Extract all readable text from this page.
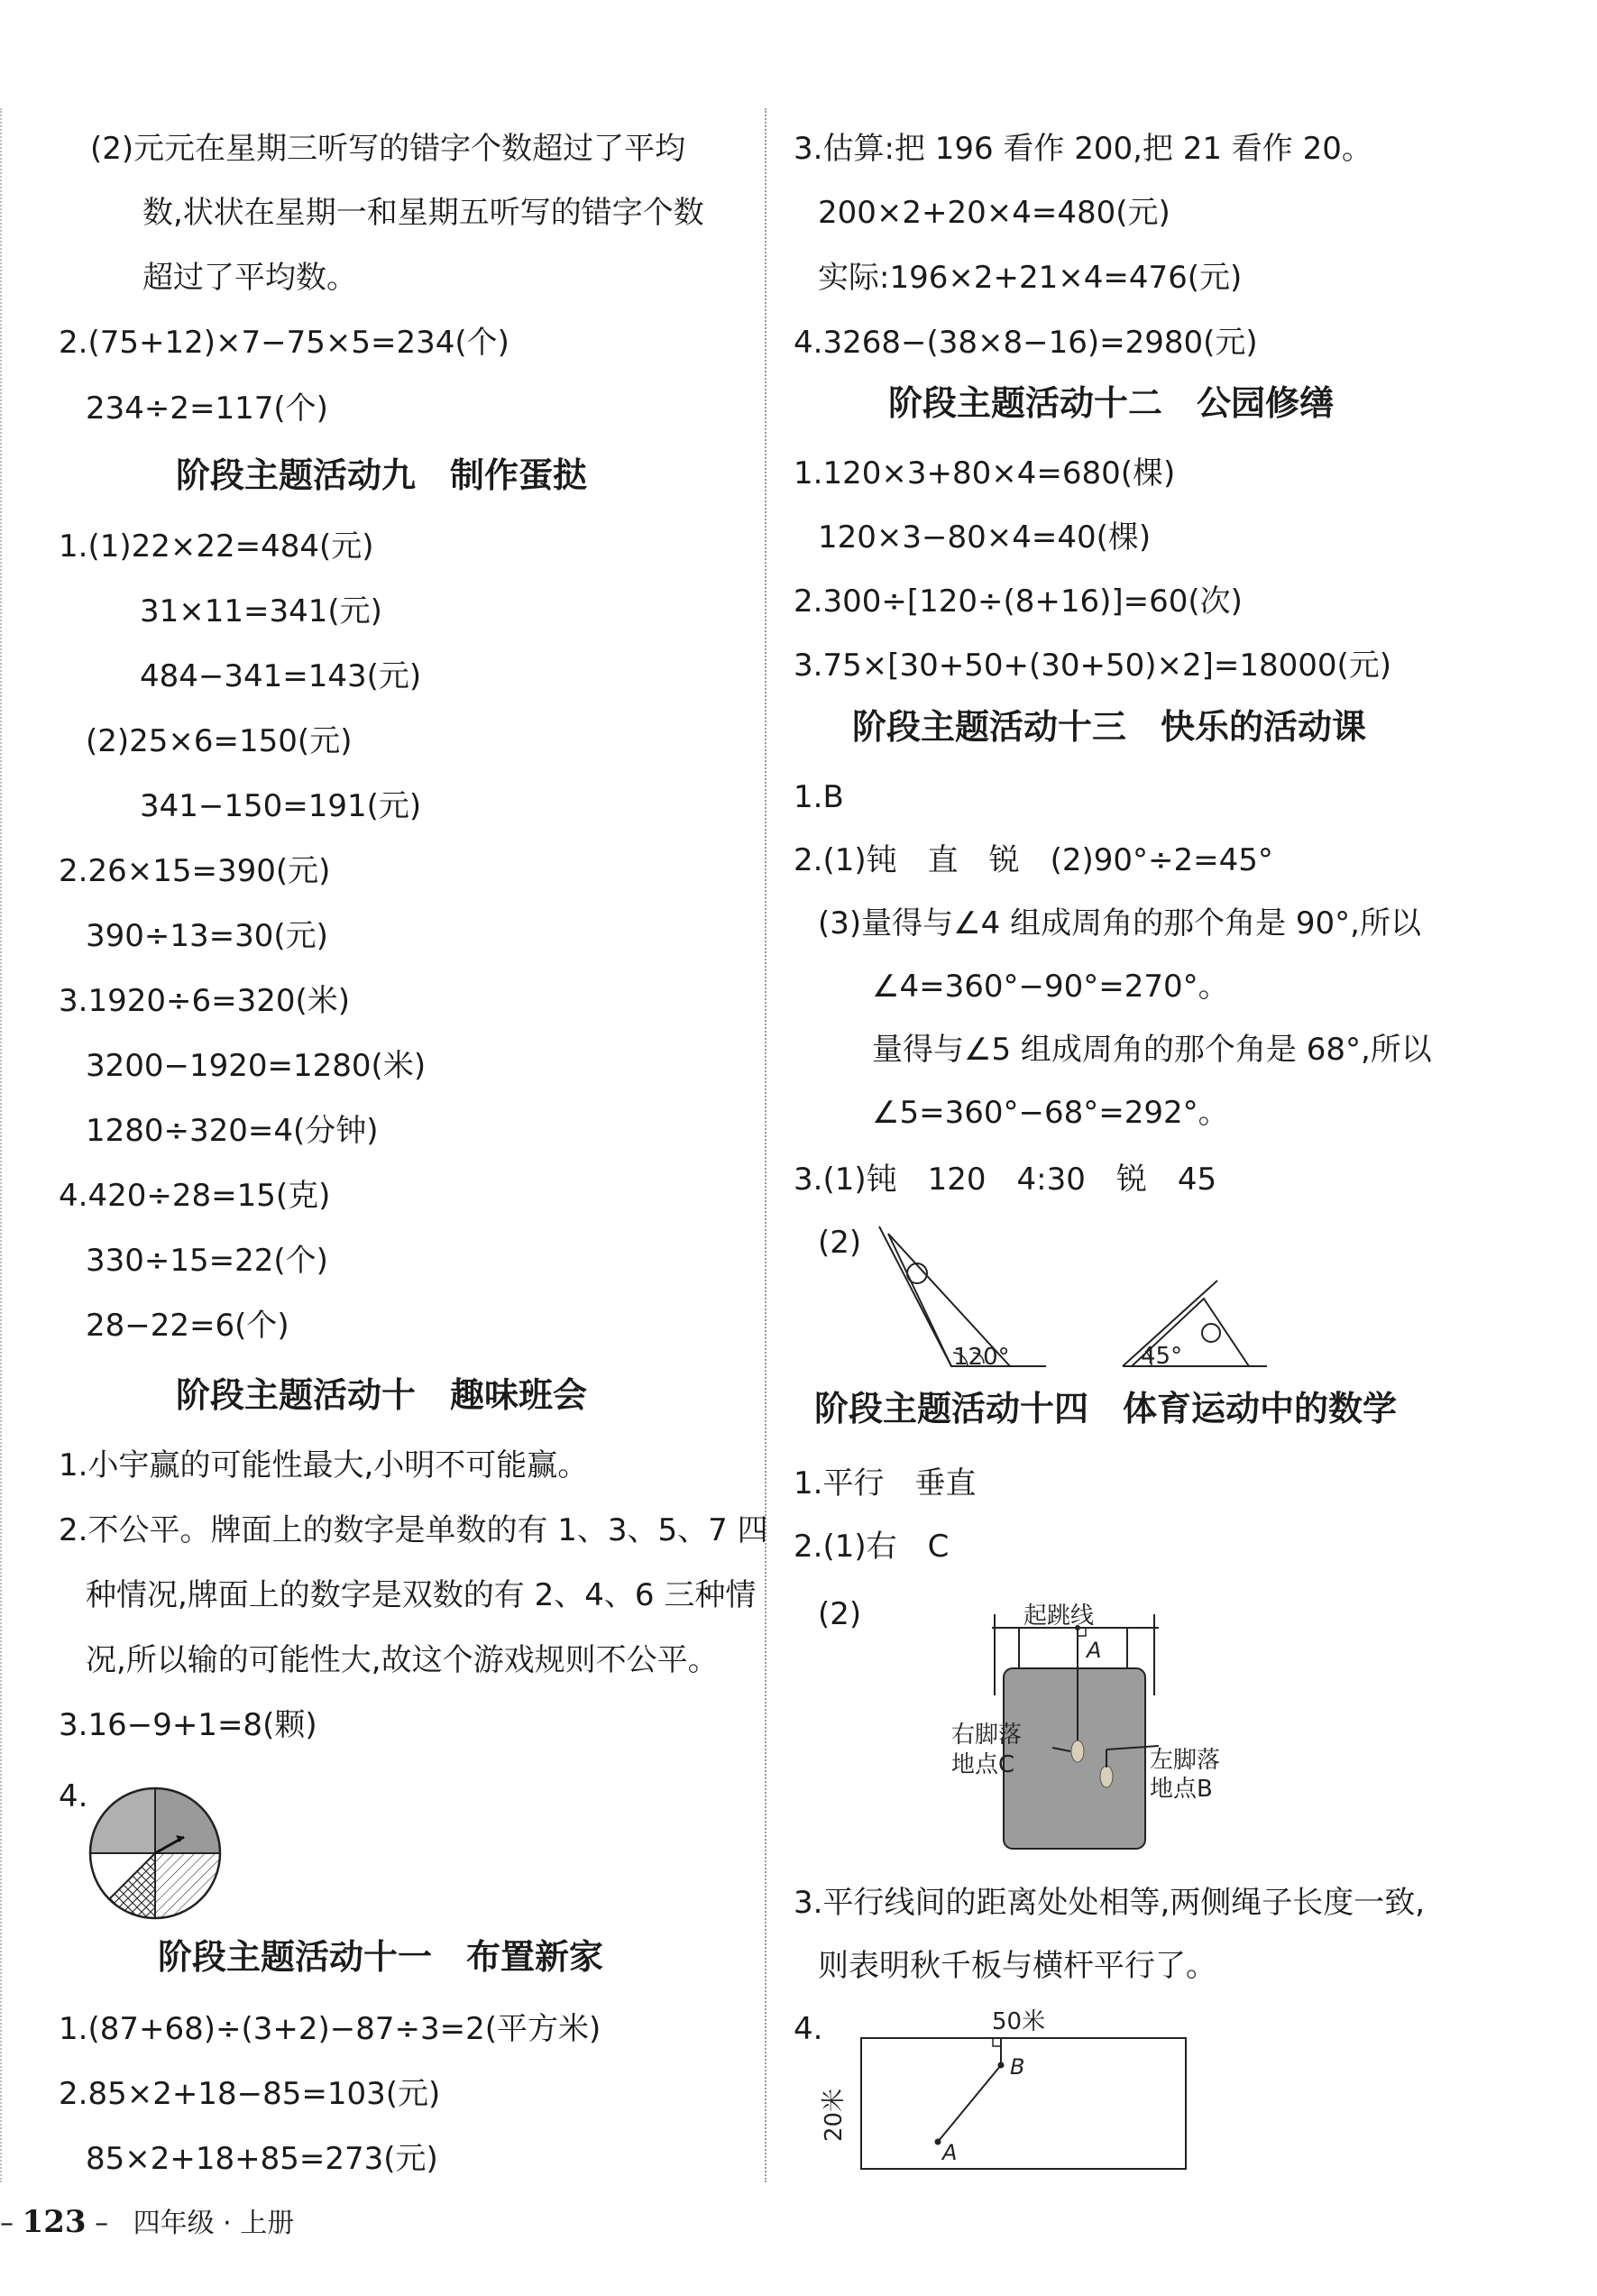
(2)元元在星期三听写的错字个数超过了平均
数,状状在星期一和星期五听写的错字个数
超过了平均数。
2.(75+12)×7−75×5=234(个)
234÷2=117(个)
阶段主题活动九　制作蛋挞
1.(1)22×22=484(元)
31×11=341(元)
484−341=143(元)
(2)25×6=150(元)
341−150=191(元)
2.26×15=390(元)
390÷13=30(元)
3.1920÷6=320(米)
3200−1920=1280(米)
1280÷320=4(分钟)
4.420÷28=15(克)
330÷15=22(个)
28−22=6(个)
阶段主题活动十　趣味班会
1.小宇赢的可能性最大,小明不可能赢。
2.不公平。牌面上的数字是单数的有 1、3、5、7 四
种情况,牌面上的数字是双数的有 2、4、6 三种情
况,所以输的可能性大,故这个游戏规则不公平。
3.16−9+1=8(颗)
4.
阶段主题活动十一　布置新家
1.(87+68)÷(3+2)−87÷3=2(平方米)
2.85×2+18−85=103(元)
85×2+18+85=273(元)
3.估算:把 196 看作 200,把 21 看作 20。
200×2+20×4=480(元)
实际:196×2+21×4=476(元)
4.3268−(38×8−16)=2980(元)
阶段主题活动十二　公园修缮
1.120×3+80×4=680(棵)
120×3−80×4=40(棵)
2.300÷[120÷(8+16)]=60(次)
3.75×[30+50+(30+50)×2]=18000(元)
阶段主题活动十三　快乐的活动课
1.B
2.(1)钝　直　锐　(2)90°÷2=45°
(3)量得与∠4 组成周角的那个角是 90°,所以
∠4=360°−90°=270°。
量得与∠5 组成周角的那个角是 68°,所以
∠5=360°−68°=292°。
3.(1)钝　120　4:30　锐　45
(2)
120°	45°
阶段主题活动十四　体育运动中的数学
1.平行　垂直
2.(1)右　C
(2)	起跳线
A
右脚落
地点C	左脚落
地点B
3.平行线间的距离处处相等,两侧绳子长度一致,
则表明秋千板与横杆平行了。
4.	50米
20米
A
B
– 123 – 四年级 · 上册
